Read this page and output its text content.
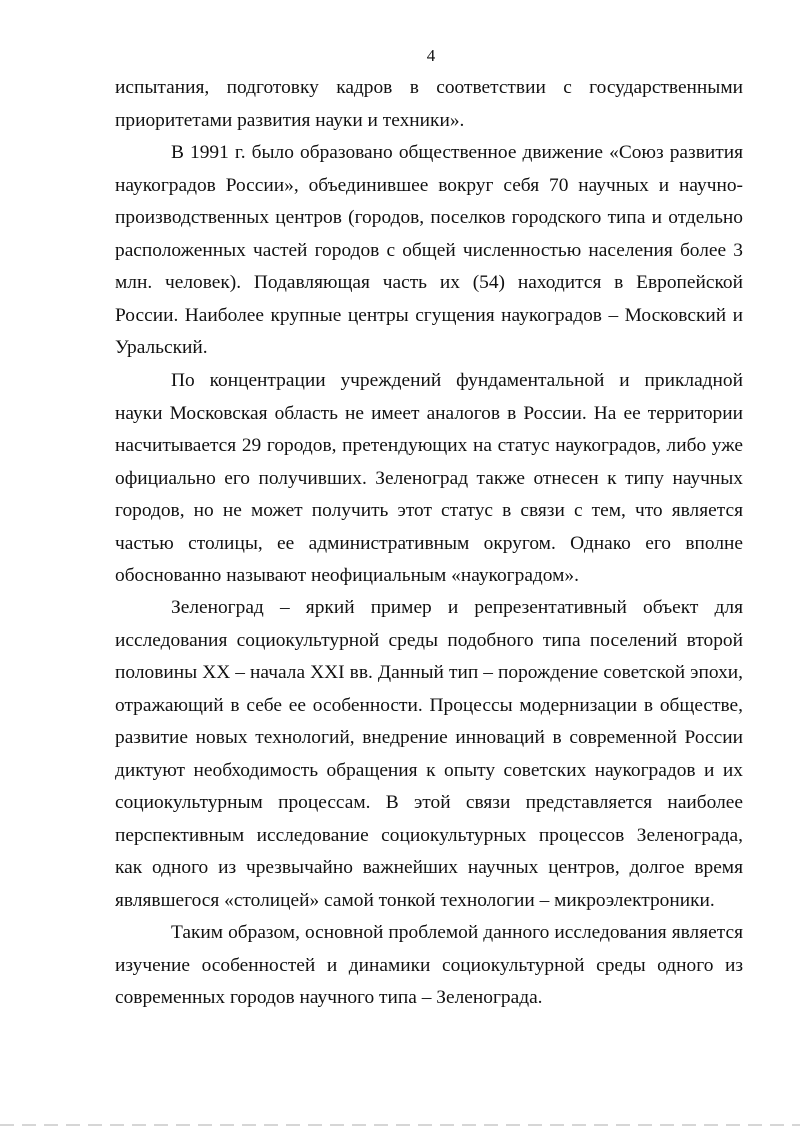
4

испытания, подготовку кадров в соответствии с государственными приоритетами развития науки и техники».

В 1991 г. было образовано общественное движение «Союз развития наукоградов России», объединившее вокруг себя 70 научных и научно-производственных центров (городов, поселков городского типа и отдельно расположенных частей городов с общей численностью населения более 3 млн. человек). Подавляющая часть их (54) находится в Европейской России. Наиболее крупные центры сгущения наукоградов – Московский и Уральский.

По концентрации учреждений фундаментальной и прикладной науки Московская область не имеет аналогов в России. На ее территории насчитывается 29 городов, претендующих на статус наукоградов, либо уже официально его получивших. Зеленоград также отнесен к типу научных городов, но не может получить этот статус в связи с тем, что является частью столицы, ее административным округом. Однако его вполне обоснованно называют неофициальным «наукоградом».

Зеленоград – яркий пример и репрезентативный объект для исследования социокультурной среды подобного типа поселений второй половины XX – начала XXI вв. Данный тип – порождение советской эпохи, отражающий в себе ее особенности. Процессы модернизации в обществе, развитие новых технологий, внедрение инноваций в современной России диктуют необходимость обращения к опыту советских наукоградов и их социокультурным процессам. В этой связи представляется наиболее перспективным исследование социокультурных процессов Зеленограда, как одного из чрезвычайно важнейших научных центров, долгое время являвшегося «столицей» самой тонкой технологии – микроэлектроники.

Таким образом, основной проблемой данного исследования является изучение особенностей и динамики социокультурной среды одного из современных городов научного типа – Зеленограда.
